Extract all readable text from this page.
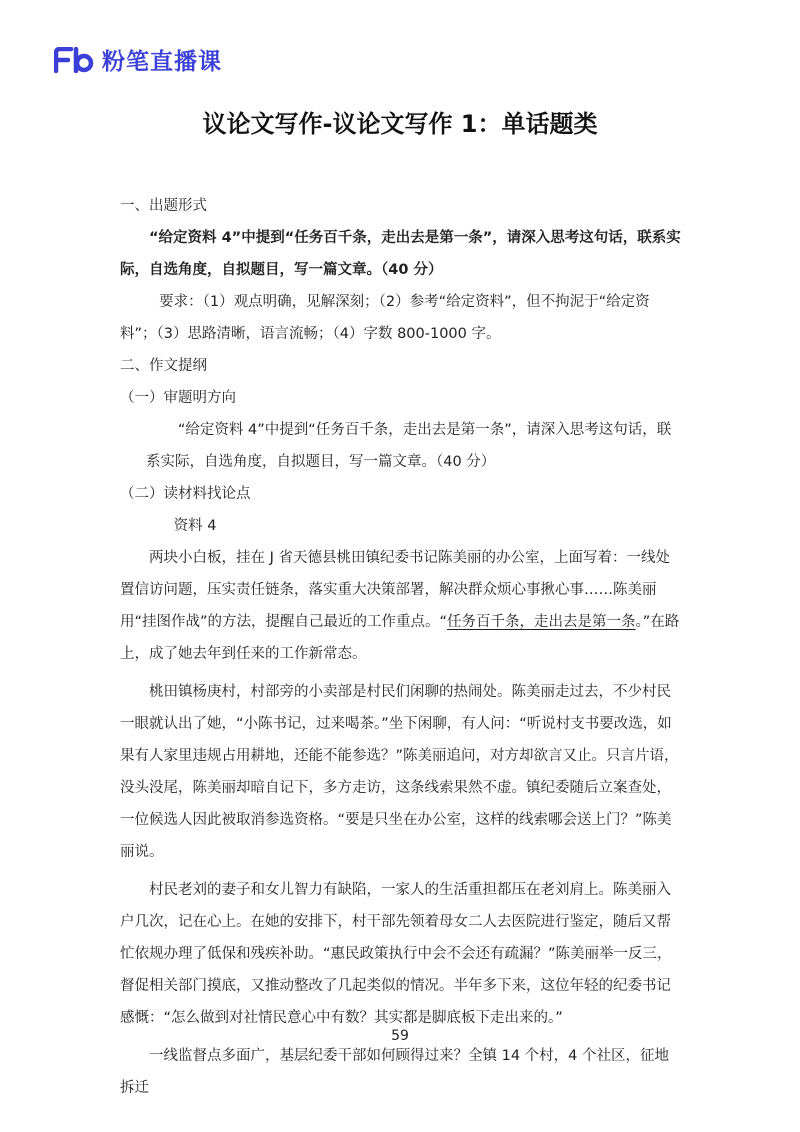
粉笔直播课
议论文写作-议论文写作 1：单话题类

一、出题形式

“给定资料 4”中提到“任务百千条，走出去是第一条”，请深入思考这句话，联系实际，自选角度，自拟题目，写一篇文章。（40 分）

要求：（1）观点明确，见解深刻；（2）参考“给定资料”，但不拘泥于“给定资料”；（3）思路清晰，语言流畅；（4）字数 800-1000 字。

二、作文提纲

（一）审题明方向

“给定资料 4”中提到“任务百千条，走出去是第一条”，请深入思考这句话，联系实际，自选角度，自拟题目，写一篇文章。（40 分）

（二）读材料找论点

资料 4

两块小白板，挂在 J 省天德县桃田镇纪委书记陈美丽的办公室，上面写着：一线处置信访问题，压实责任链条，落实重大决策部署，解决群众烦心事揪心事……陈美丽用“挂图作战”的方法，提醒自己最近的工作重点。“任务百千条，走出去是第一条。”在路上，成了她去年到任来的工作新常态。

桃田镇杨庚村，村部旁的小卖部是村民们闲聊的热闹处。陈美丽走过去，不少村民一眼就认出了她，“小陈书记，过来喝茶。”坐下闲聊，有人问：“听说村支书要改选，如果有人家里违规占用耕地，还能不能参选？”陈美丽追问，对方却欲言又止。只言片语，没头没尾，陈美丽却暗自记下，多方走访，这条线索果然不虚。镇纪委随后立案查处，一位候选人因此被取消参选资格。“要是只坐在办公室，这样的线索哪会送上门？”陈美丽说。

村民老刘的妻子和女儿智力有缺陷，一家人的生活重担都压在老刘肩上。陈美丽入户几次，记在心上。在她的安排下，村干部先领着母女二人去医院进行鉴定，随后又帮忙依规办理了低保和残疾补助。“惠民政策执行中会不会还有疏漏？”陈美丽举一反三，督促相关部门摸底，又推动整改了几起类似的情况。半年多下来，这位年轻的纪委书记感慨：“怎么做到对社情民意心中有数？其实都是脚底板下走出来的。”

一线监督点多面广，基层纪委干部如何顾得过来？全镇 14 个村，4 个社区，征地拆迁

59
